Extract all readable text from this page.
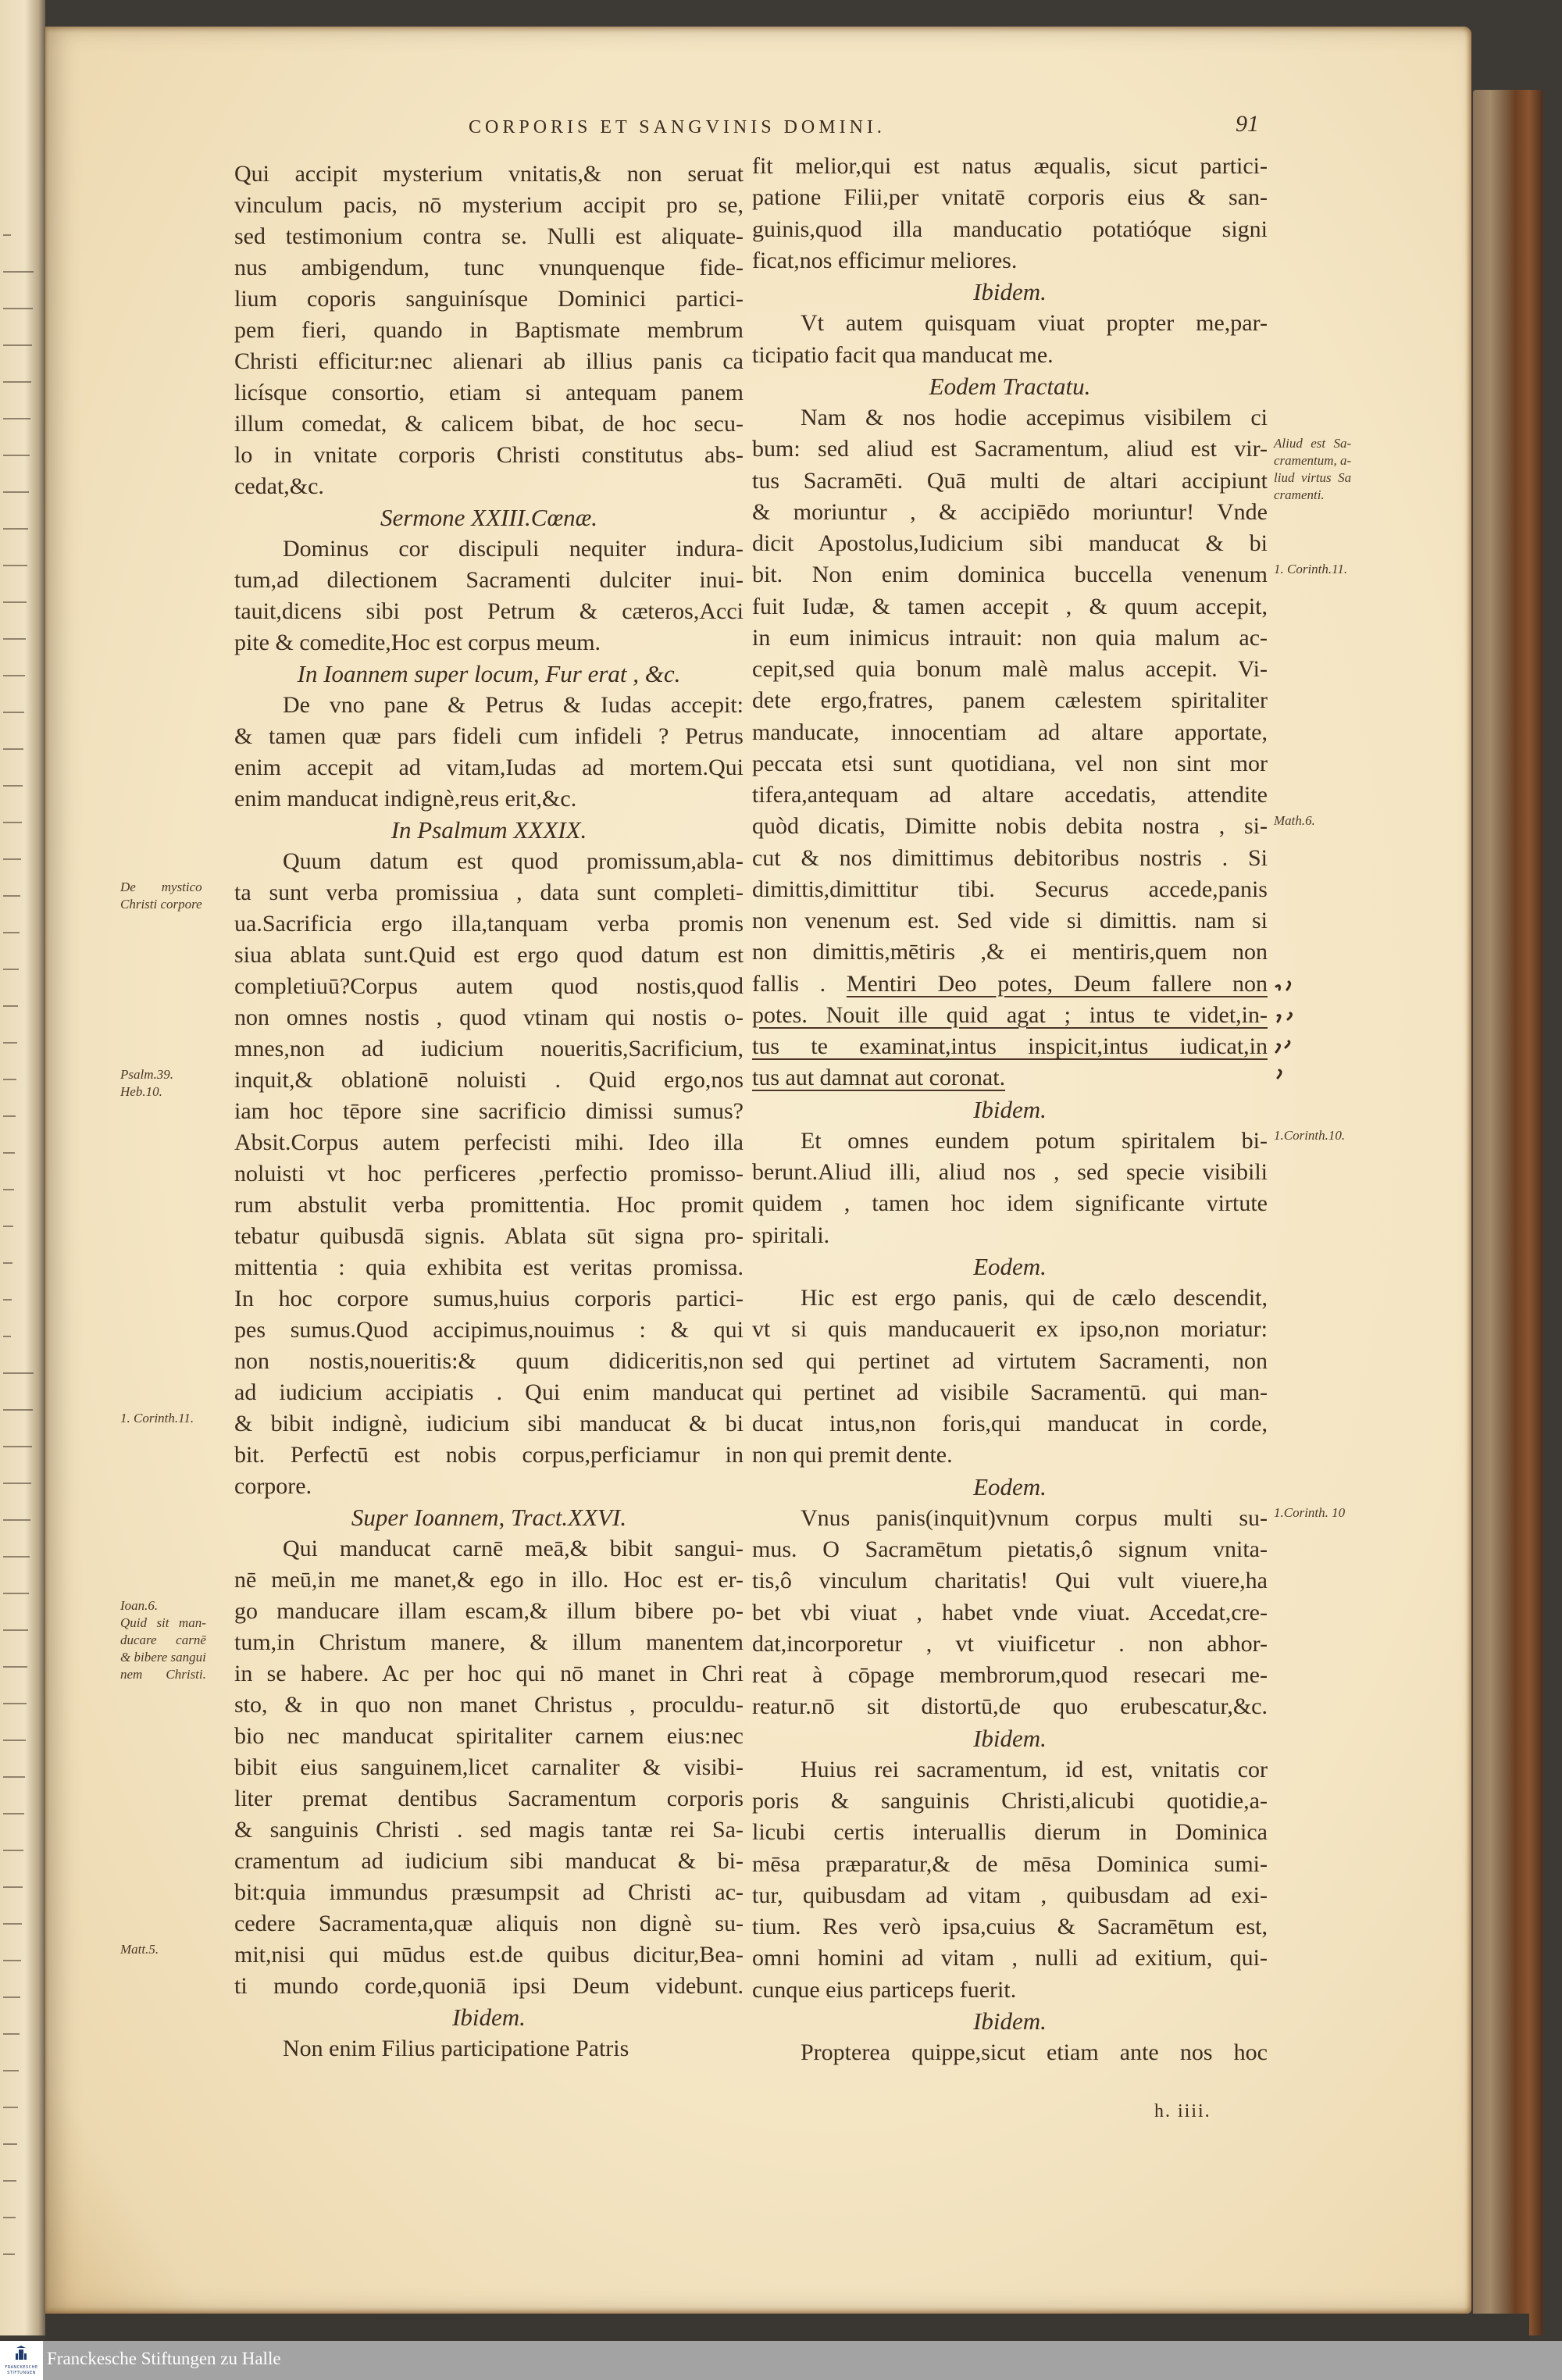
CORPORIS ET SANGVINIS DOMINI.	91
Qui accipit mysterium vnitatis,& non seruat
vinculum pacis, nō mysterium accipit pro se,
sed testimonium contra se. Nulli est aliquate-
nus ambigendum, tunc vnunquenque fide-
lium coporis sanguinísque Dominici partici-
pem fieri, quando in Baptismate membrum
Christi efficitur:nec alienari ab illius panis ca
licísque consortio, etiam si antequam panem
illum comedat, & calicem bibat, de hoc secu-
lo in vnitate corporis Christi constitutus abs-
cedat,&c.
Sermone XXIII.Cœnæ.
Dominus cor discipuli nequiter indura-
tum,ad dilectionem Sacramenti dulciter inui-
tauit,dicens sibi post Petrum & cæteros,Acci
pite & comedite,Hoc est corpus meum.
In Ioannem super locum, Fur erat , &c.
De vno pane & Petrus & Iudas accepit:
& tamen quæ pars fideli cum infideli ? Petrus
enim accepit ad vitam,Iudas ad mortem.Qui
enim manducat indignè,reus erit,&c.
In Psalmum XXXIX.
Quum datum est quod promissum,abla-
ta sunt verba promissiua , data sunt completi-
De mystico
Christi corpore
ua.Sacrificia ergo illa,tanquam verba promis
siua ablata sunt.Quid est ergo quod datum est
completiuū?Corpus autem quod nostis,quod
non omnes nostis , quod vtinam qui nostis o-
mnes,non ad iudicium noueritis,Sacrificium,
inquit,& oblationē noluisti . Quid ergo,nos
Psalm.39.
Heb.10.
iam hoc tēpore sine sacrificio dimissi sumus?
Absit.Corpus autem perfecisti mihi. Ideo illa
noluisti vt hoc perficeres ,perfectio promisso-
rum abstulit verba promittentia. Hoc promit
tebatur quibusdā signis. Ablata sūt signa pro-
mittentia : quia exhibita est veritas promissa.
In hoc corpore sumus,huius corporis partici-
pes sumus.Quod accipimus,nouimus : & qui
non nostis,noueritis:& quum didiceritis,non
ad iudicium accipiatis . Qui enim manducat
& bibit indignè, iudicium sibi manducat & bi
1. Corinth.11.
bit. Perfectū est nobis corpus,perficiamur in
corpore.
Super Ioannem, Tract.XXVI.
Qui manducat carnē meā,& bibit sangui-
nē meū,in me manet,& ego in illo. Hoc est er-
go manducare illam escam,& illum bibere po-
Ioan.6.
Quid sit man-
ducare carnē
& bibere sangui
nem Christi.
tum,in Christum manere, & illum manentem
in se habere. Ac per hoc qui nō manet in Chri
sto, & in quo non manet Christus , proculdu-
bio nec manducat spiritaliter carnem eius:nec
bibit eius sanguinem,licet carnaliter & visibi-
liter premat dentibus Sacramentum corporis
& sanguinis Christi . sed magis tantæ rei Sa-
cramentum ad iudicium sibi manducat & bi-
bit:quia immundus præsumpsit ad Christi ac-
cedere Sacramenta,quæ aliquis non dignè su-
mit,nisi qui mūdus est.de quibus dicitur,Bea-
Matt.5.
ti mundo corde,quoniā ipsi Deum videbunt.
Ibidem.
Non enim Filius participatione Patris
fit melior,qui est natus æqualis, sicut partici-
patione Filii,per vnitatē corporis eius & san-
guinis,quod illa manducatio potatióque signi
ficat,nos efficimur meliores.
Ibidem.
Vt autem quisquam viuat propter me,par-
ticipatio facit qua manducat me.
Eodem Tractatu.
Nam & nos hodie accepimus visibilem ci
bum: sed aliud est Sacramentum, aliud est vir- Aliud est Sa-
cramentum, a-
liud virtus Sa
cramenti.
tus Sacramēti. Quā multi de altari accipiunt
& moriuntur , & accipiēdo moriuntur! Vnde
dicit Apostolus,Iudicium sibi manducat & bi
bit. Non enim dominica buccella venenum 1. Corinth.11.
fuit Iudæ, & tamen accepit , & quum accepit,
in eum inimicus intrauit: non quia malum ac-
cepit,sed quia bonum malè malus accepit. Vi-
dete ergo,fratres, panem cælestem spiritaliter
manducate, innocentiam ad altare apportate,
peccata etsi sunt quotidiana, vel non sint mor
tifera,antequam ad altare accedatis, attendite
quòd dicatis, Dimitte nobis debita nostra , si- Math.6.
cut & nos dimittimus debitoribus nostris . Si
dimittis,dimittitur tibi. Securus accede,panis
non venenum est. Sed vide si dimittis. nam si
non dimittis,mētiris ,& ei mentiris,quem non
fallis . Mentiri Deo potes, Deum fallere non
potes. Nouit ille quid agat ; intus te videt,in-
tus te examinat,intus inspicit,intus iudicat,in
tus aut damnat aut coronat.
Ibidem.
Et omnes eundem potum spiritalem bi- 1.Corinth.10.
berunt.Aliud illi, aliud nos , sed specie visibili
quidem , tamen hoc idem significante virtute
spiritali.
Eodem.
Hic est ergo panis, qui de cælo descendit,
vt si quis manducauerit ex ipso,non moriatur:
sed qui pertinet ad virtutem Sacramenti, non
qui pertinet ad visibile Sacramentū. qui man-
ducat intus,non foris,qui manducat in corde,
non qui premit dente.
Eodem.
Vnus panis(inquit)vnum corpus multi su- 1.Corinth. 10
mus. O Sacramētum pietatis,ô signum vnita-
tis,ô vinculum charitatis! Qui vult viuere,ha
bet vbi viuat , habet vnde viuat. Accedat,cre-
dat,incorporetur , vt viuificetur . non abhor-
reat à cōpage membrorum,quod resecari me-
reatur.nō sit distortū,de quo erubescatur,&c.
Ibidem.
Huius rei sacramentum, id est, vnitatis cor
poris & sanguinis Christi,alicubi quotidie,a-
licubi certis interuallis dierum in Dominica
mēsa præparatur,& de mēsa Dominica sumi-
tur, quibusdam ad vitam , quibusdam ad exi-
tium. Res verò ipsa,cuius & Sacramētum est,
omni homini ad vitam , nulli ad exitium, qui-
cunque eius particeps fuerit.
Ibidem.
Propterea quippe,sicut etiam ante nos hoc
h. iiii.
FRANCKESCHE STIFTUNGEN
Franckesche Stiftungen zu Halle
